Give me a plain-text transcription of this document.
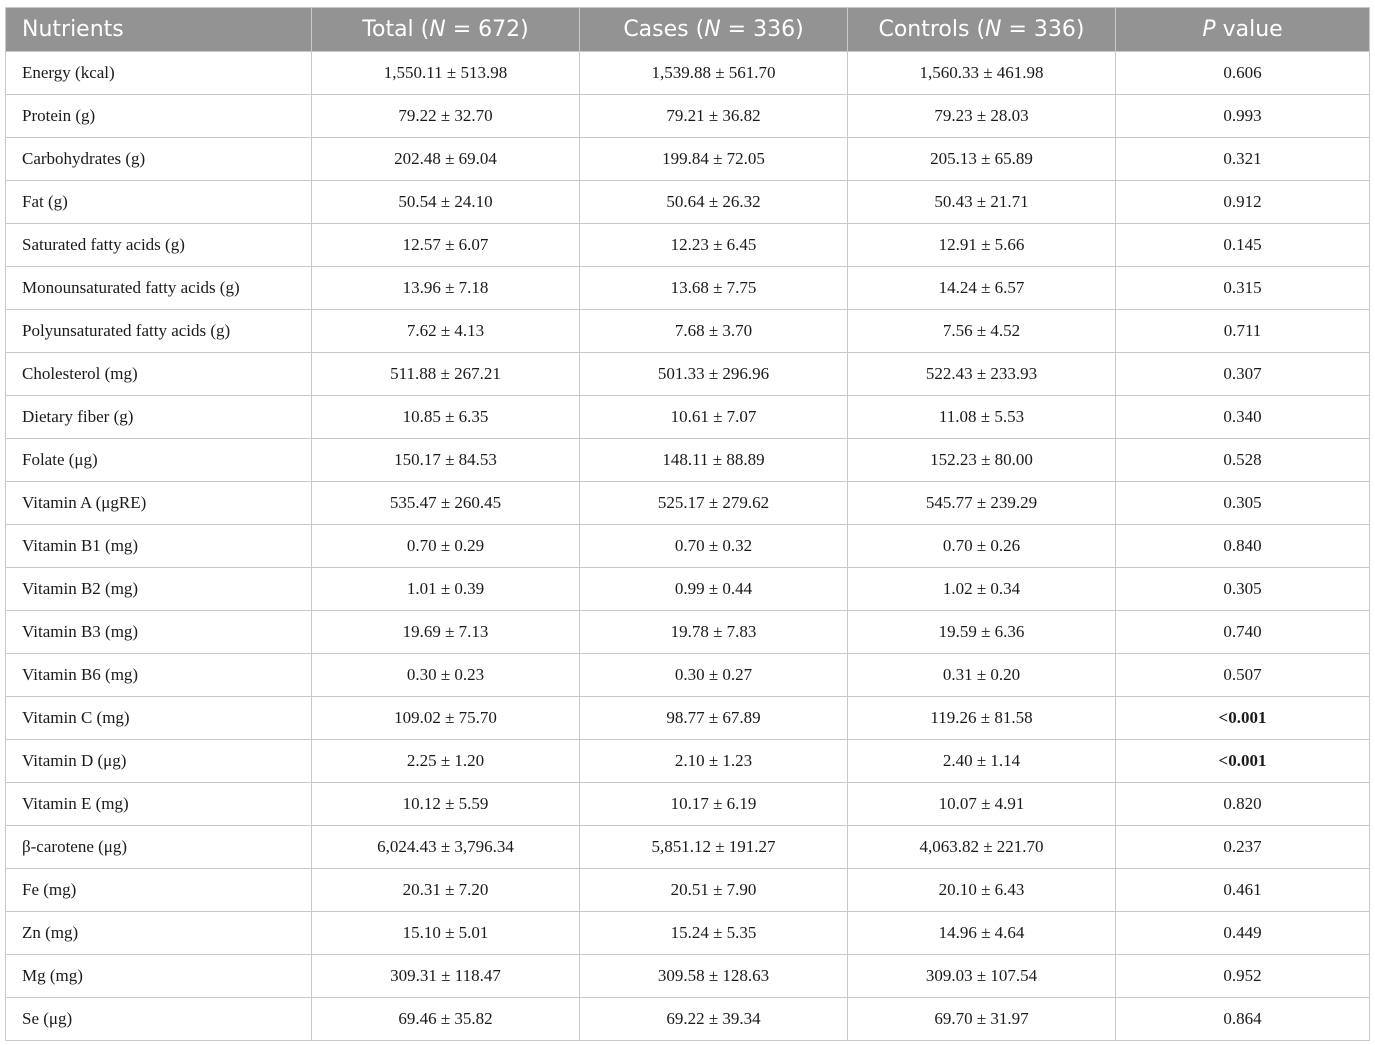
Nutrients	Total (N = 672)	Cases (N = 336)	Controls (N = 336)	P value
Energy (kcal)	1,550.11 ± 513.98	1,539.88 ± 561.70	1,560.33 ± 461.98	0.606
Protein (g)	79.22 ± 32.70	79.21 ± 36.82	79.23 ± 28.03	0.993
Carbohydrates (g)	202.48 ± 69.04	199.84 ± 72.05	205.13 ± 65.89	0.321
Fat (g)	50.54 ± 24.10	50.64 ± 26.32	50.43 ± 21.71	0.912
Saturated fatty acids (g)	12.57 ± 6.07	12.23 ± 6.45	12.91 ± 5.66	0.145
Monounsaturated fatty acids (g)	13.96 ± 7.18	13.68 ± 7.75	14.24 ± 6.57	0.315
Polyunsaturated fatty acids (g)	7.62 ± 4.13	7.68 ± 3.70	7.56 ± 4.52	0.711
Cholesterol (mg)	511.88 ± 267.21	501.33 ± 296.96	522.43 ± 233.93	0.307
Dietary fiber (g)	10.85 ± 6.35	10.61 ± 7.07	11.08 ± 5.53	0.340
Folate (μg)	150.17 ± 84.53	148.11 ± 88.89	152.23 ± 80.00	0.528
Vitamin A (μgRE)	535.47 ± 260.45	525.17 ± 279.62	545.77 ± 239.29	0.305
Vitamin B1 (mg)	0.70 ± 0.29	0.70 ± 0.32	0.70 ± 0.26	0.840
Vitamin B2 (mg)	1.01 ± 0.39	0.99 ± 0.44	1.02 ± 0.34	0.305
Vitamin B3 (mg)	19.69 ± 7.13	19.78 ± 7.83	19.59 ± 6.36	0.740
Vitamin B6 (mg)	0.30 ± 0.23	0.30 ± 0.27	0.31 ± 0.20	0.507
Vitamin C (mg)	109.02 ± 75.70	98.77 ± 67.89	119.26 ± 81.58	<0.001
Vitamin D (μg)	2.25 ± 1.20	2.10 ± 1.23	2.40 ± 1.14	<0.001
Vitamin E (mg)	10.12 ± 5.59	10.17 ± 6.19	10.07 ± 4.91	0.820
β-carotene (μg)	6,024.43 ± 3,796.34	5,851.12 ± 191.27	4,063.82 ± 221.70	0.237
Fe (mg)	20.31 ± 7.20	20.51 ± 7.90	20.10 ± 6.43	0.461
Zn (mg)	15.10 ± 5.01	15.24 ± 5.35	14.96 ± 4.64	0.449
Mg (mg)	309.31 ± 118.47	309.58 ± 128.63	309.03 ± 107.54	0.952
Se (μg)	69.46 ± 35.82	69.22 ± 39.34	69.70 ± 31.97	0.864
